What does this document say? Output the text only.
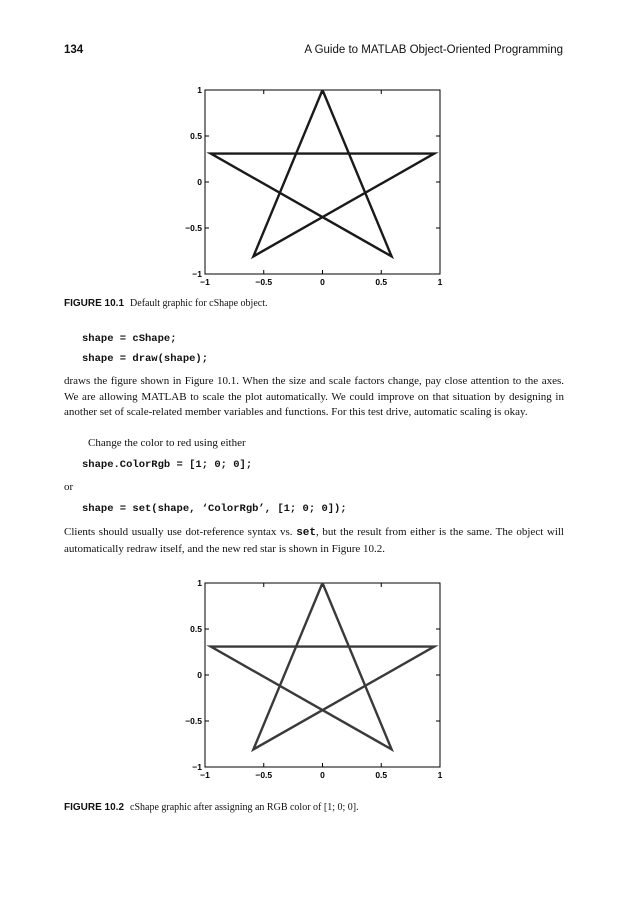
134	A Guide to MATLAB Object-Oriented Programming
−1	−0.5	0	0.5	1
−1
−0.5
0
0.5
1
FIGURE 10.1 Default graphic for cShape object.
shape = cShape;
shape = draw(shape);
draws the figure shown in Figure 10.1. When the size and scale factors change, pay close attention to the axes. We are allowing MATLAB to scale the plot automatically. We could improve on that situation by designing in another set of scale-related member variables and functions. For this test drive, automatic scaling is okay.
Change the color to red using either
shape.ColorRgb = [1; 0; 0];
or
shape = set(shape, ‘ColorRgb’, [1; 0; 0]);
Clients should usually use dot-reference syntax vs. set, but the result from either is the same. The object will automatically redraw itself, and the new red star is shown in Figure 10.2.
−1	−0.5	0	0.5	1
−1
−0.5
0
0.5
1
FIGURE 10.2 cShape graphic after assigning an RGB color of [1; 0; 0].
